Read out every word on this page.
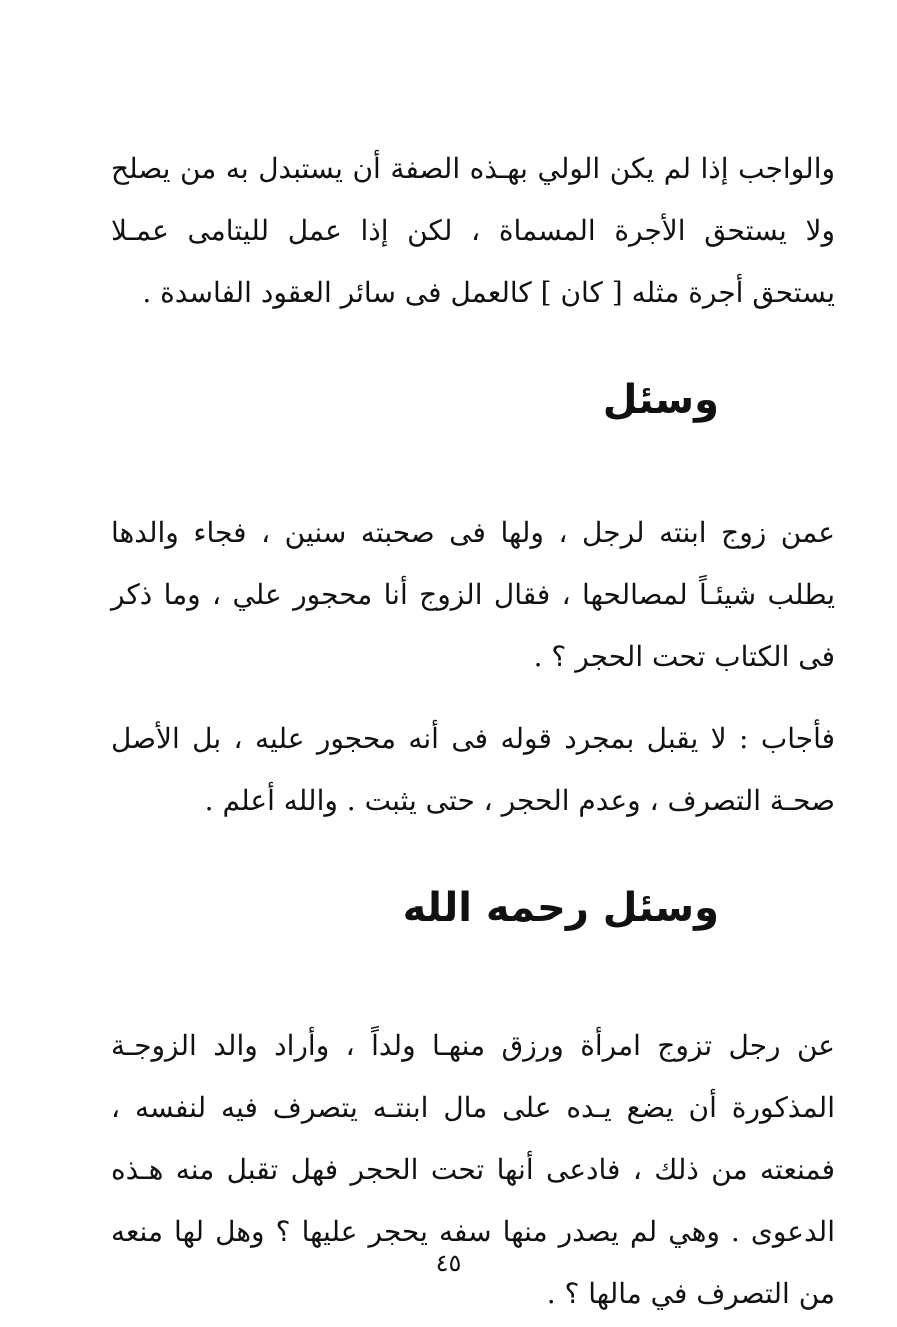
والواجب إذا لم يكن الولي بهـذه الصفة أن يستبدل به من يصلح ولا يستحق الأجرة المسماة ، لكن إذا عمل لليتامى عمـلا يستحق أجرة مثله [ كان ] كالعمل فى سائر العقود الفاسدة .

وسئل

عمن زوج ابنته لرجل ، ولها فى صحبته سنين ، فجاء والدها يطلب شيئـاً لمصالحها ، فقال الزوج أنا محجور علي ، وما ذكر فى الكتاب تحت الحجر ؟ .

فأجاب : لا يقبل بمجرد قوله فى أنه محجور عليه ، بل الأصل صحـة التصرف ، وعدم الحجر ، حتى يثبت . والله أعلم .

وسئل رحمه الله

عن رجل تزوج امرأة ورزق منهـا ولداً ، وأراد والد الزوجـة المذكورة أن يضع يـده على مال ابنتـه يتصرف فيه لنفسه ، فمنعته من ذلك ، فادعى أنها تحت الحجر فهل تقبل منه هـذه الدعوى . وهي لم يصدر منها سفه يحجر عليها ؟ وهل لها منعه من التصرف في مالها ؟ .

٤٥
